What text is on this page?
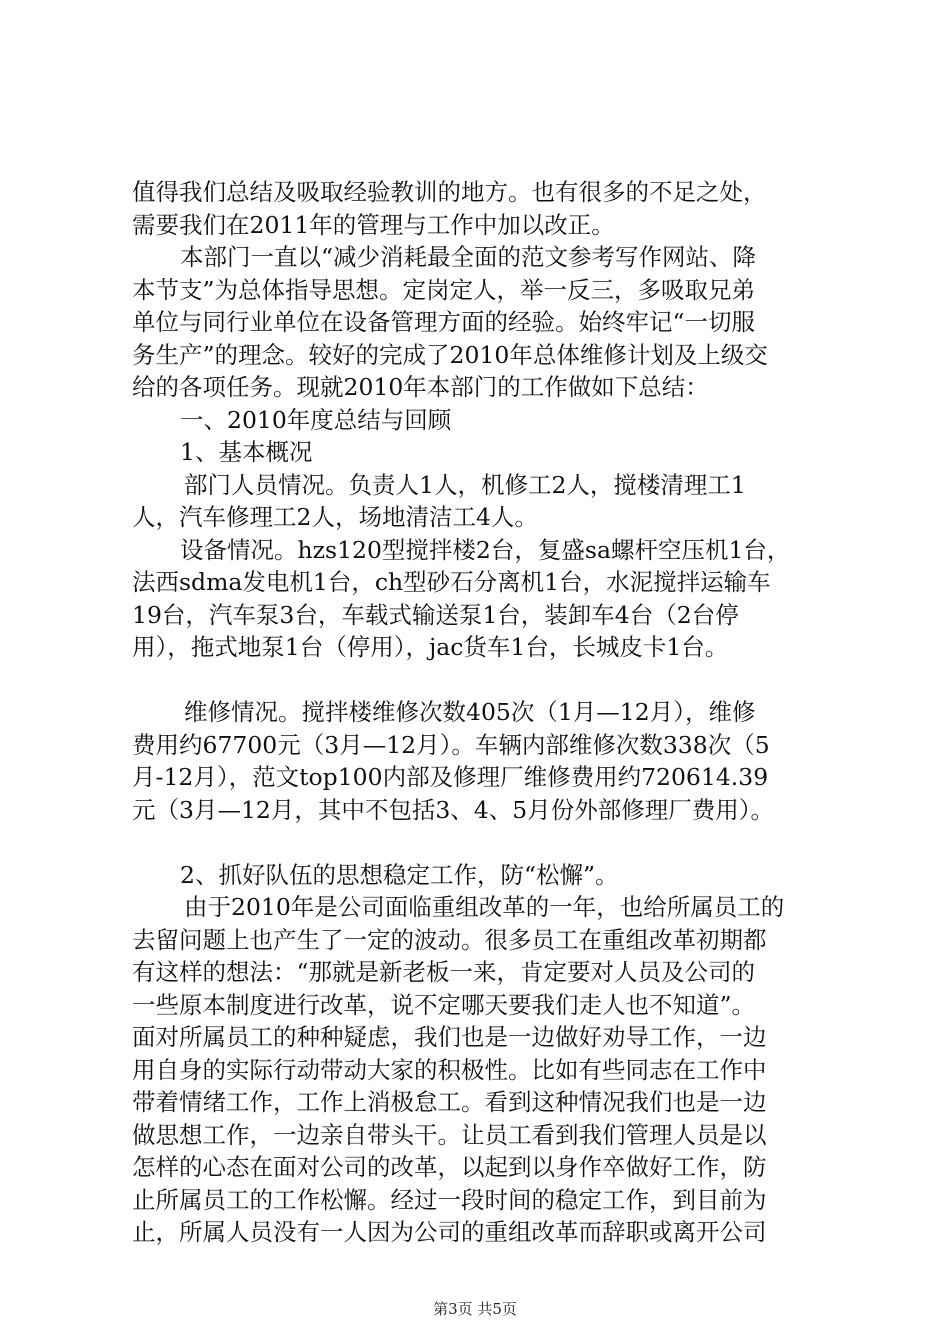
值得我们总结及吸取经验教训的地方。也有很多的不足之处，

需要我们在2011年的管理与工作中加以改正。

本部门一直以“减少消耗最全面的范文参考写作网站、降

本节支”为总体指导思想。定岗定人，举一反三，多吸取兄弟

单位与同行业单位在设备管理方面的经验。始终牢记“一切服

务生产”的理念。较好的完成了2010年总体维修计划及上级交

给的各项任务。现就2010年本部门的工作做如下总结：

一、2010年度总结与回顾

1、基本概况

部门人员情况。负责人1人，机修工2人，搅楼清理工1

人，汽车修理工2人，场地清洁工4人。

设备情况。hzs120型搅拌楼2台，复盛sa螺杆空压机1台，

法西sdma发电机1台，ch型砂石分离机1台，水泥搅拌运输车

19台，汽车泵3台，车载式输送泵1台，装卸车4台（2台停

用），拖式地泵1台（停用），jac货车1台，长城皮卡1台。

维修情况。搅拌楼维修次数405次（1月—12月），维修

费用约67700元（3月—12月）。车辆内部维修次数338次（5

月-12月），范文top100内部及修理厂维修费用约720614.39

元（3月—12月，其中不包括3、4、5月份外部修理厂费用）。

2、抓好队伍的思想稳定工作，防“松懈”。

由于2010年是公司面临重组改革的一年，也给所属员工的

去留问题上也产生了一定的波动。很多员工在重组改革初期都

有这样的想法：“那就是新老板一来，肯定要对人员及公司的

一些原本制度进行改革，说不定哪天要我们走人也不知道”。

面对所属员工的种种疑虑，我们也是一边做好劝导工作，一边

用自身的实际行动带动大家的积极性。比如有些同志在工作中

带着情绪工作，工作上消极怠工。看到这种情况我们也是一边

做思想工作，一边亲自带头干。让员工看到我们管理人员是以

怎样的心态在面对公司的改革，以起到以身作卒做好工作，防

止所属员工的工作松懈。经过一段时间的稳定工作，到目前为

止，所属人员没有一人因为公司的重组改革而辞职或离开公司

第3页 共5页
